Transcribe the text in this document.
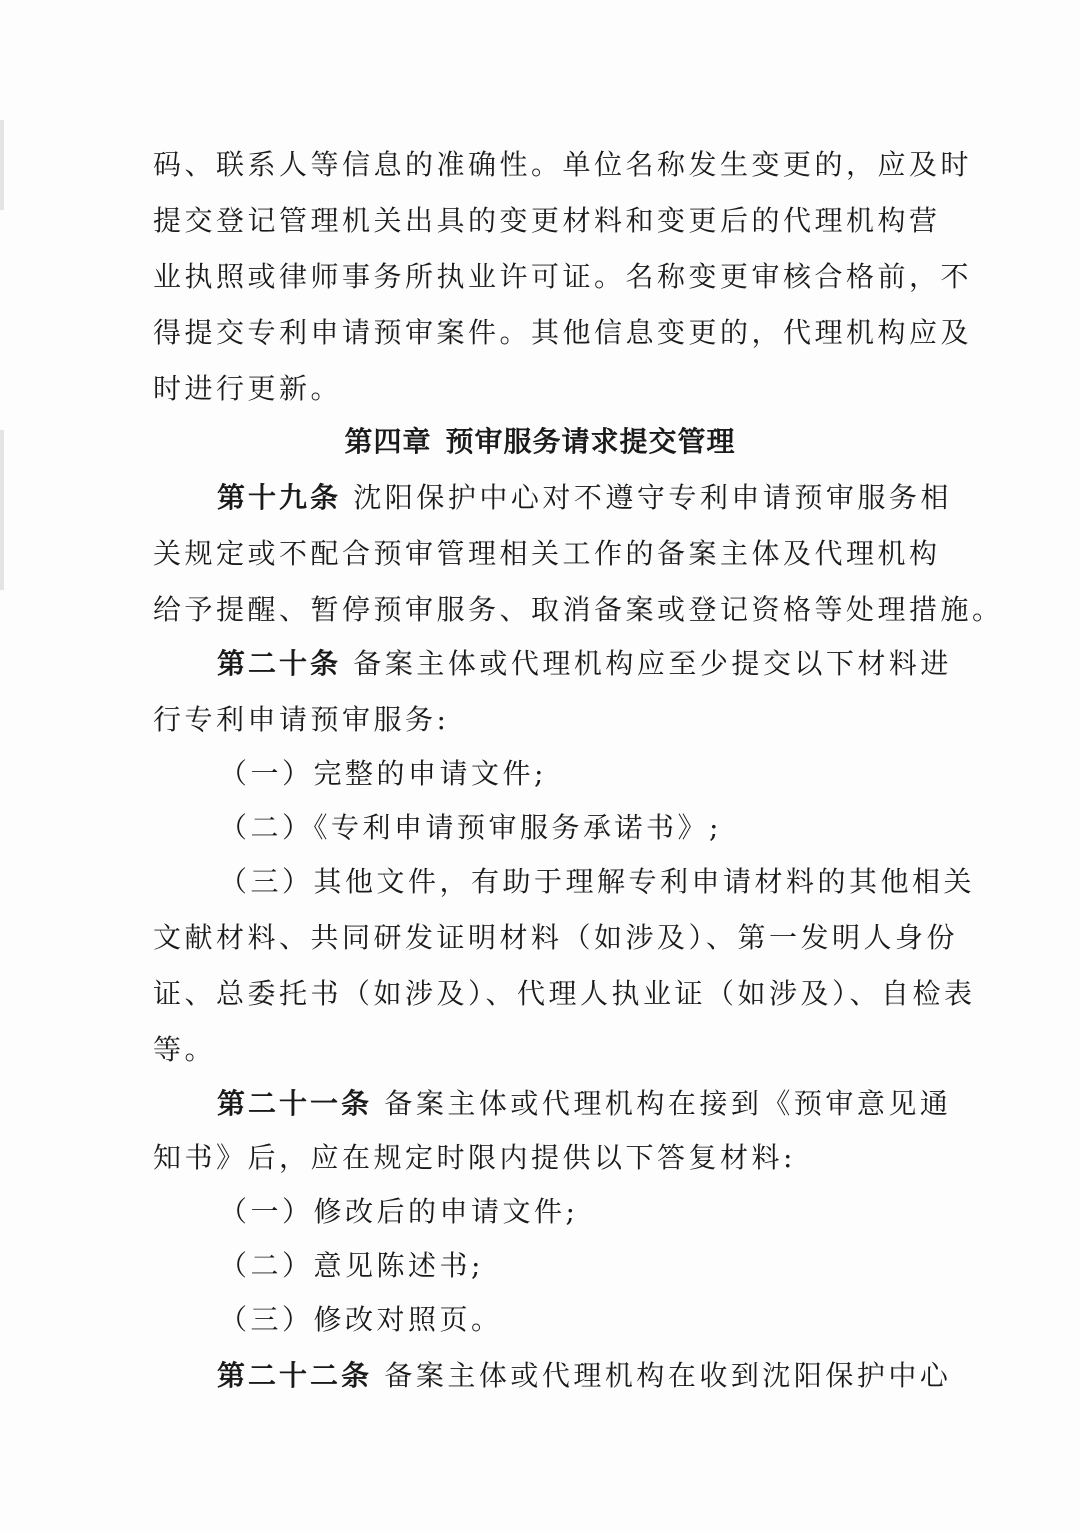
码、联系人等信息的准确性。单位名称发生变更的，应及时
提交登记管理机关出具的变更材料和变更后的代理机构营
业执照或律师事务所执业许可证。名称变更审核合格前，不
得提交专利申请预审案件。其他信息变更的，代理机构应及
时进行更新。
第四章 预审服务请求提交管理
第十九条 沈阳保护中心对不遵守专利申请预审服务相
关规定或不配合预审管理相关工作的备案主体及代理机构
给予提醒、暂停预审服务、取消备案或登记资格等处理措施。
第二十条 备案主体或代理机构应至少提交以下材料进
行专利申请预审服务:
（一）完整的申请文件;
（二）《专利申请预审服务承诺书》;
（三）其他文件，有助于理解专利申请材料的其他相关
文献材料、共同研发证明材料（如涉及）、第一发明人身份
证、总委托书（如涉及）、代理人执业证（如涉及）、自检表
等。
第二十一条 备案主体或代理机构在接到《预审意见通
知书》后，应在规定时限内提供以下答复材料:
（一）修改后的申请文件;
（二）意见陈述书;
（三）修改对照页。
第二十二条 备案主体或代理机构在收到沈阳保护中心
